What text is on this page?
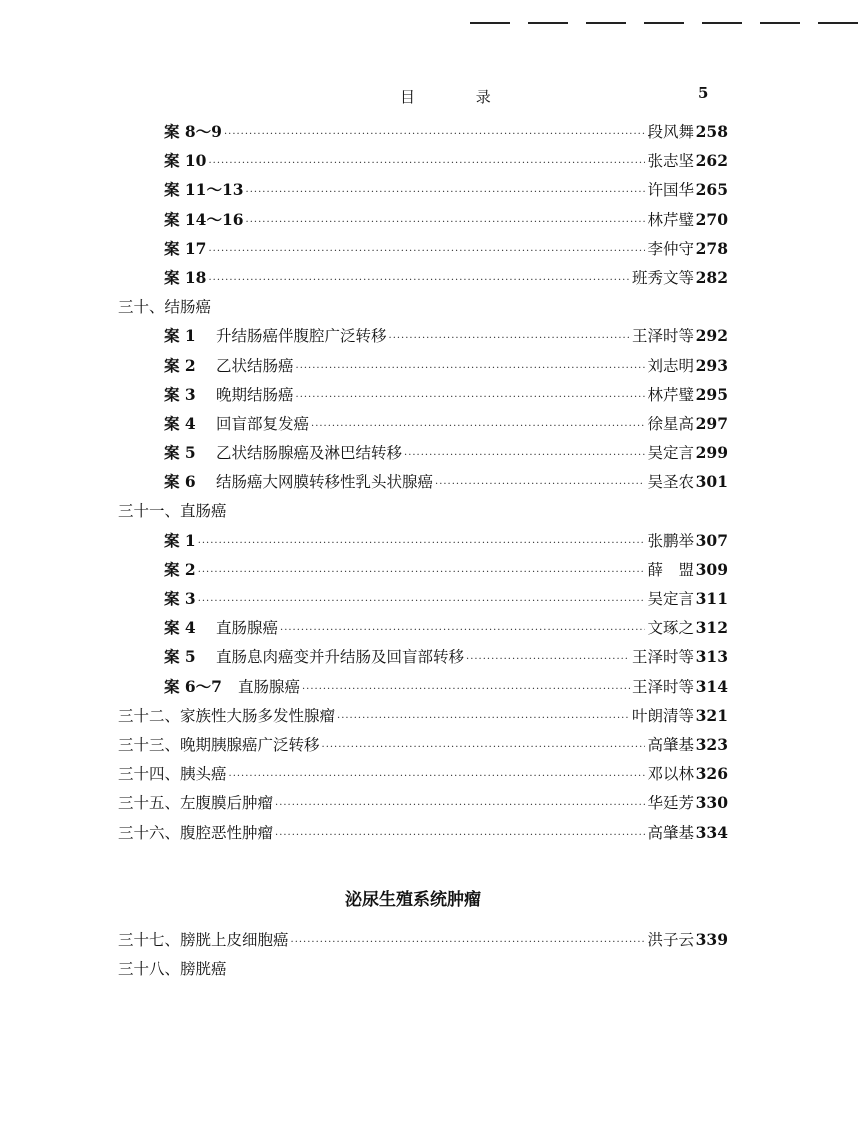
目 录	5
案 8～9 ·····	段风舞 258
案 10 ·····	张志坚 262
案 11～13 ·····	许国华 265
案 14～16 ·····	林芹璧 270
案 17 ·····	李仲守 278
案 18 ·····	班秀文等 282
三十、结肠癌
案 1 升结肠癌伴腹腔广泛转移 ·····	王泽时等 292
案 2 乙状结肠癌 ·····	刘志明 293
案 3 晚期结肠癌 ·····	林芹璧 295
案 4 回盲部复发癌 ·····	徐星高 297
案 5 乙状结肠腺癌及淋巴结转移 ·····	吴定言 299
案 6 结肠癌大网膜转移性乳头状腺癌 ·····	吴圣农 301
三十一、直肠癌
案 1 ·····	张鹏举 307
案 2 ·····	薛　盟 309
案 3 ·····	吴定言 311
案 4 直肠腺癌 ·····	文琢之 312
案 5 直肠息肉癌变并升结肠及回盲部转移 ·····	王泽时等 313
案 6～7 直肠腺癌 ·····	王泽时等 314
三十二、家族性大肠多发性腺瘤 ·····	叶朗清等 321
三十三、晚期胰腺癌广泛转移 ·····	高肇基 323
三十四、胰头癌 ·····	邓以林 326
三十五、左腹膜后肿瘤 ·····	华廷芳 330
三十六、腹腔恶性肿瘤 ·····	高肇基 334
泌尿生殖系统肿瘤
三十七、膀胱上皮细胞癌 ·····	洪子云 339
三十八、膀胱癌
